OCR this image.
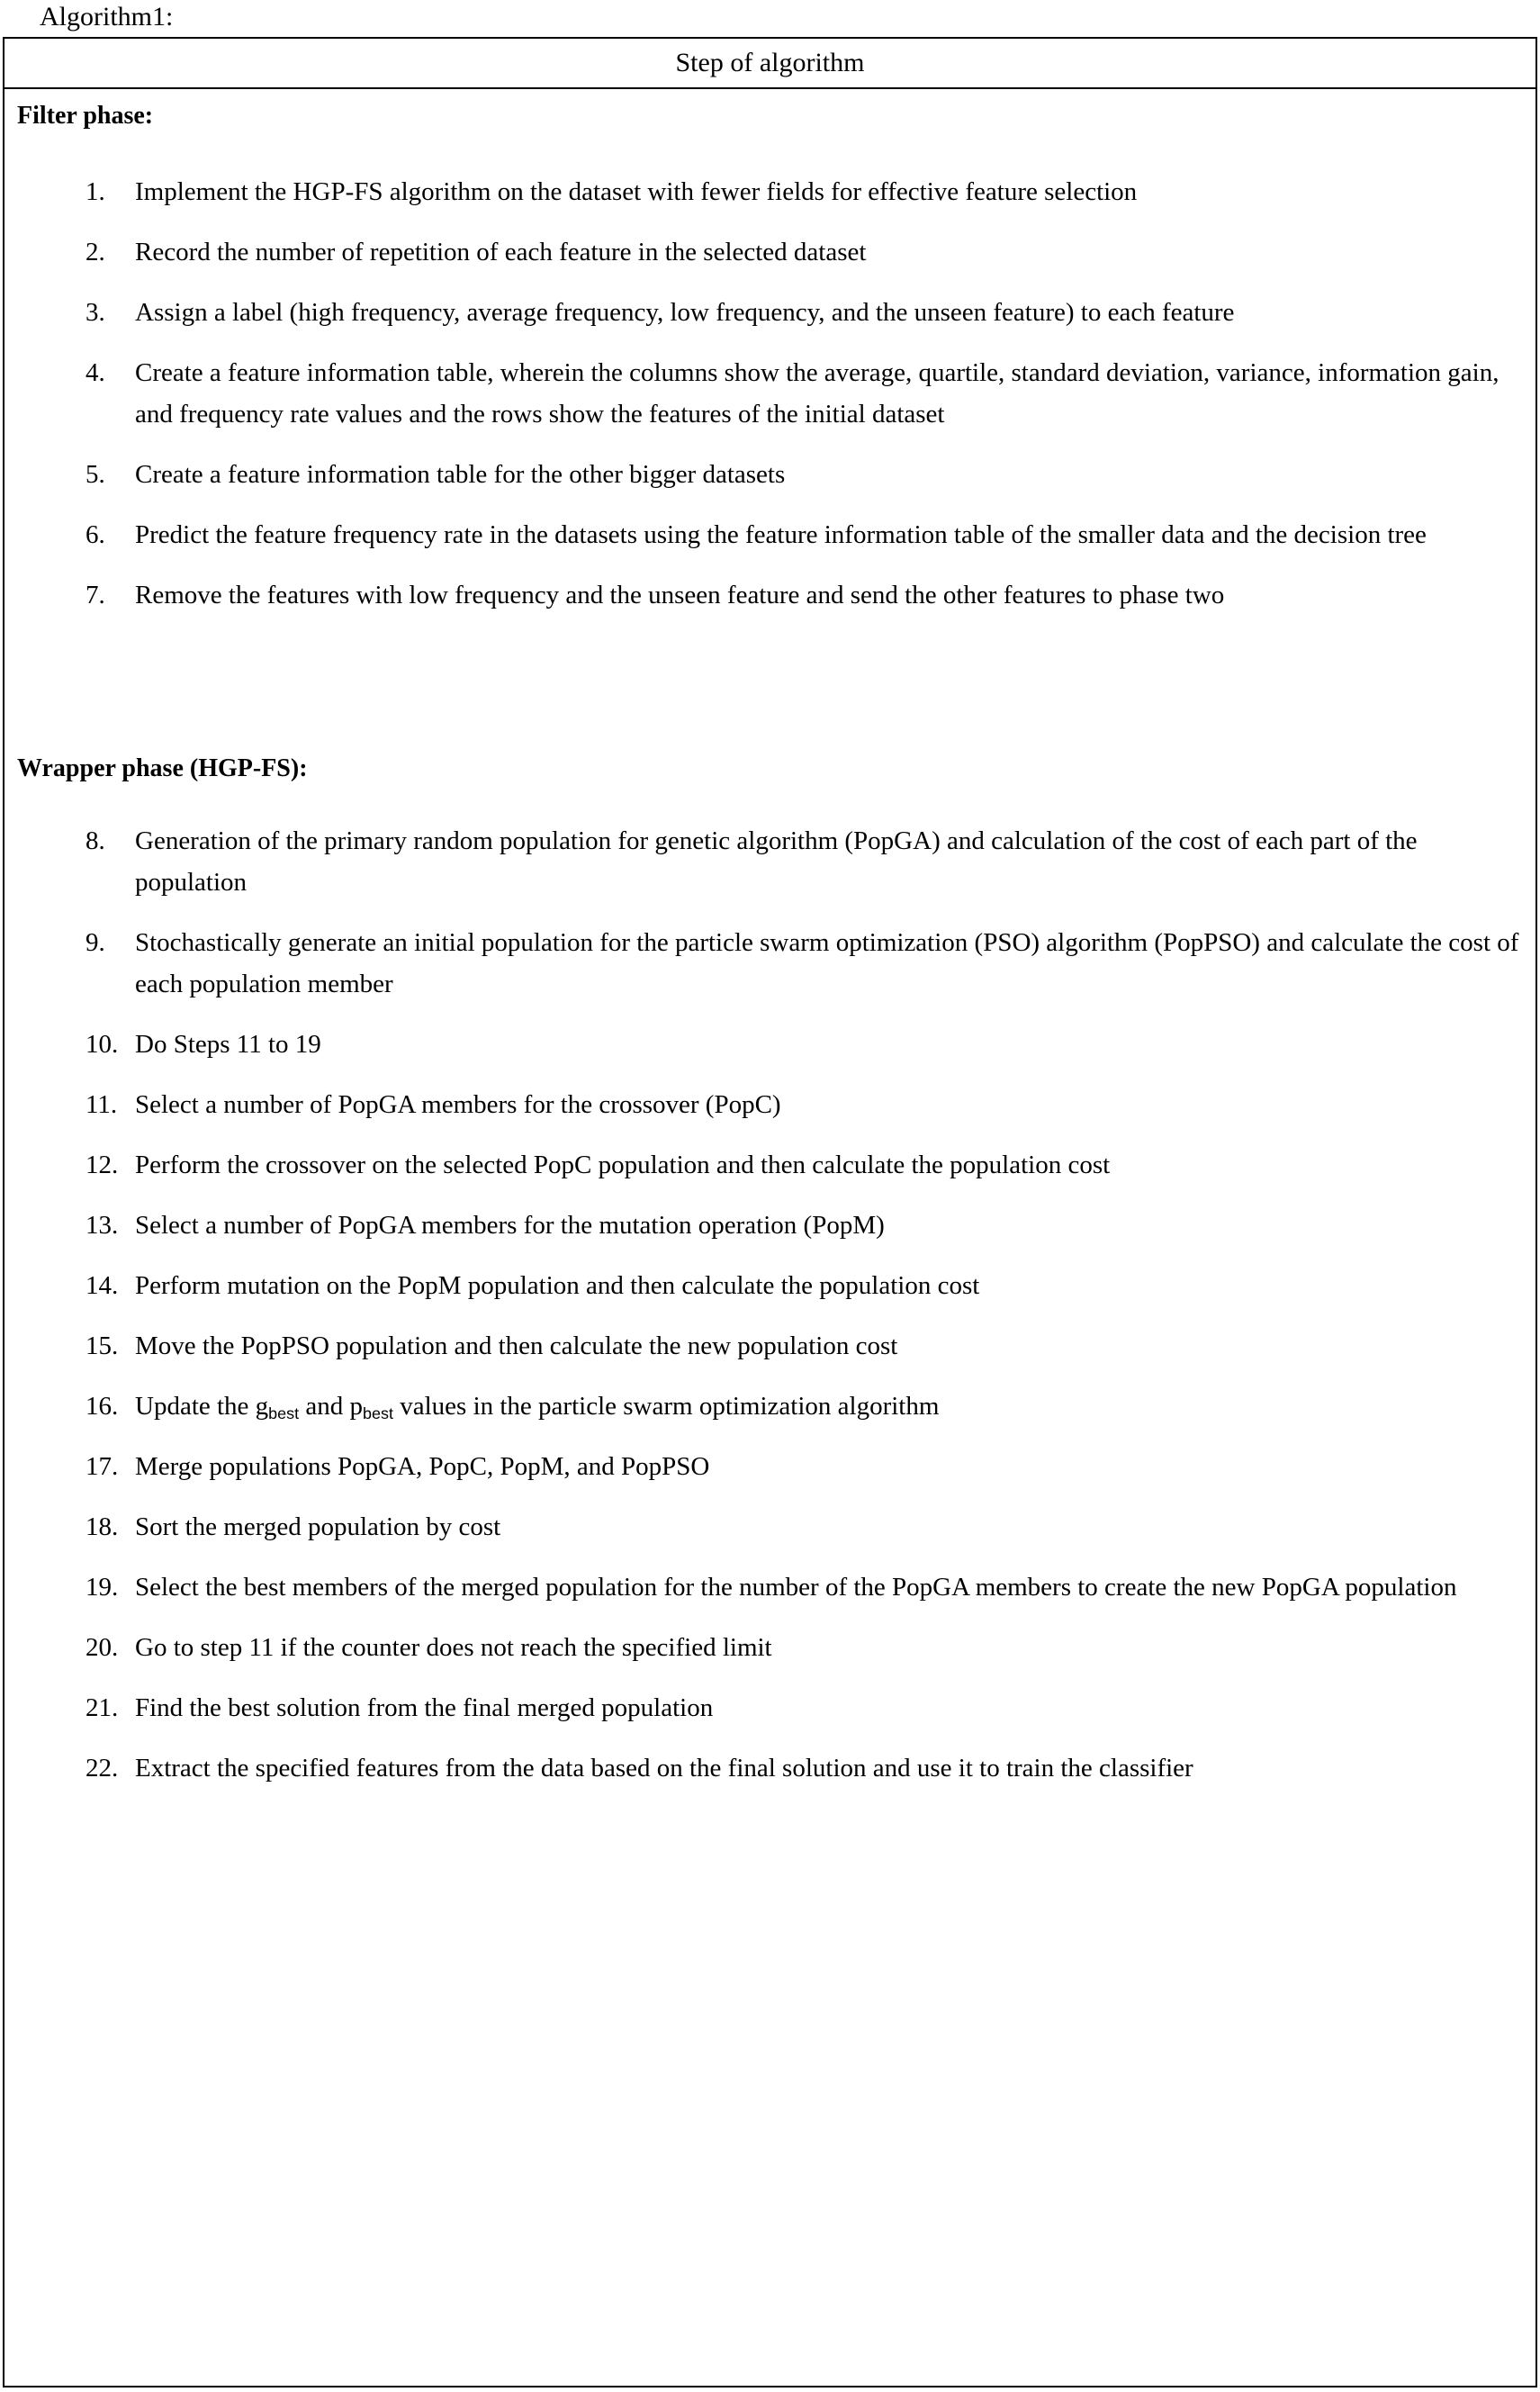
Algorithm1:
Step of algorithm
Filter phase:
1.	Implement the HGP-FS algorithm on the dataset with fewer fields for effective feature selection
2.	Record the number of repetition of each feature in the selected dataset
3.	Assign a label (high frequency, average frequency, low frequency, and the unseen feature) to each feature
4.	Create a feature information table, wherein the columns show the average, quartile, standard deviation, variance, information gain, and frequency rate values and the rows show the features of the initial dataset
5.	Create a feature information table for the other bigger datasets
6.	Predict the feature frequency rate in the datasets using the feature information table of the smaller data and the decision tree
7.	Remove the features with low frequency and the unseen feature and send the other features to phase two
Wrapper phase (HGP-FS):
8.	Generation of the primary random population for genetic algorithm (PopGA) and calculation of the cost of each part of the population
9.	Stochastically generate an initial population for the particle swarm optimization (PSO) algorithm (PopPSO) and calculate the cost of each population member
10. Do Steps 11 to 19
11. Select a number of PopGA members for the crossover (PopC)
12. Perform the crossover on the selected PopC population and then calculate the population cost
13. Select a number of PopGA members for the mutation operation (PopM)
14. Perform mutation on the PopM population and then calculate the population cost
15. Move the PopPSO population and then calculate the new population cost
16. Update the $g_{best}$ and $p_{best}$ values in the particle swarm optimization algorithm
17. Merge populations PopGA, PopC, PopM, and PopPSO
18. Sort the merged population by cost
19. Select the best members of the merged population for the number of the PopGA members to create the new PopGA population
20. Go to step 11 if the counter does not reach the specified limit
21. Find the best solution from the final merged population
22. Extract the specified features from the data based on the final solution and use it to train the classifier
